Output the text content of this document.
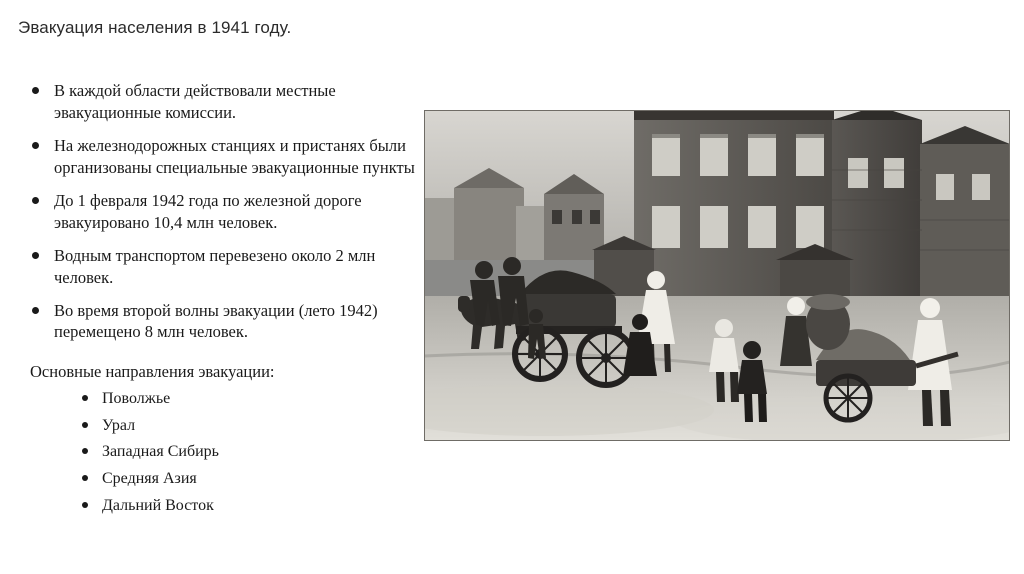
Эвакуация населения в 1941 году.
В каждой области действовали местные эвакуационные комиссии.
На железнодорожных станциях и пристанях были организованы специальные эвакуационные пункты
До 1 февраля 1942 года по железной дороге эвакуировано 10,4 млн человек.
Водным транспортом перевезено около 2 млн человек.
Во время второй волны эвакуации (лето 1942) перемещено 8 млн человек.
Основные направления эвакуации:
Поволжье
Урал
Западная Сибирь
Средняя Азия
Дальний Восток
